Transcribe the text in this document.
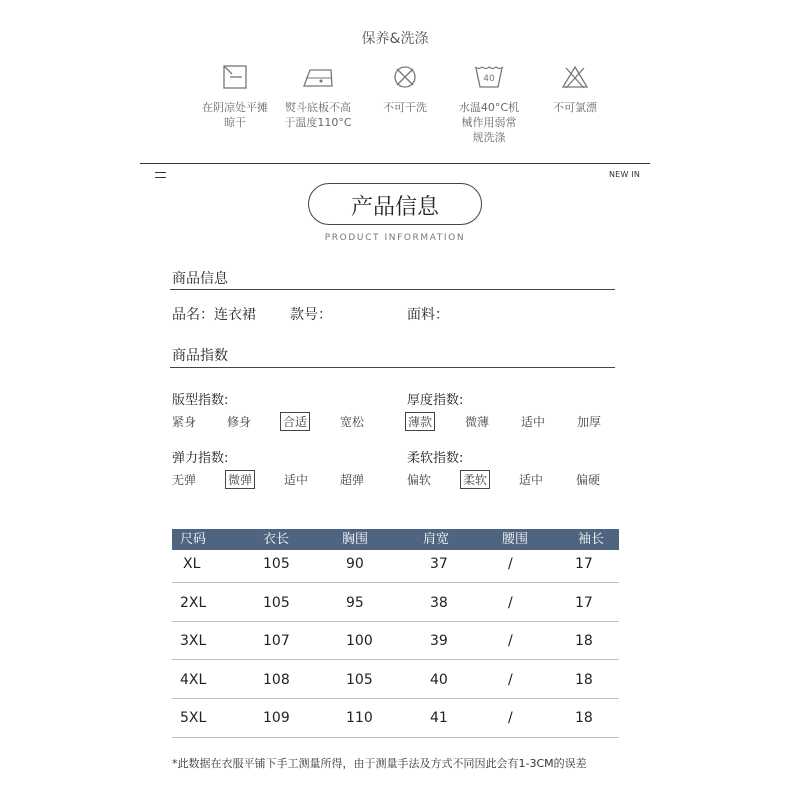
保养&洗涤
在阴凉处平摊
晾干
熨斗底板不高
于温度110°C
不可干洗
40
水温40°C机
械作用弱常
规洗涤
不可氯漂
NEW IN
产品信息
PRODUCT INFORMATION
商品信息
品名：连衣裙 款号：	面料：
商品指数
版型指数:
紧身	修身	合适	宽松
厚度指数:
薄款	微薄	适中	加厚
弹力指数:
无弹	微弹	适中	超弹
柔软指数:
偏软	柔软	适中	偏硬
尺码	衣长	胸围	肩宽	腰围	袖长
XL	105	90	37	/	17
2XL	105	95	38	/	17
3XL	107	100	39	/	18
4XL	108	105	40	/	18
5XL	109	110	41	/	18
*此数据在衣服平铺下手工测量所得，由于测量手法及方式不同因此会有1-3CM的误差
